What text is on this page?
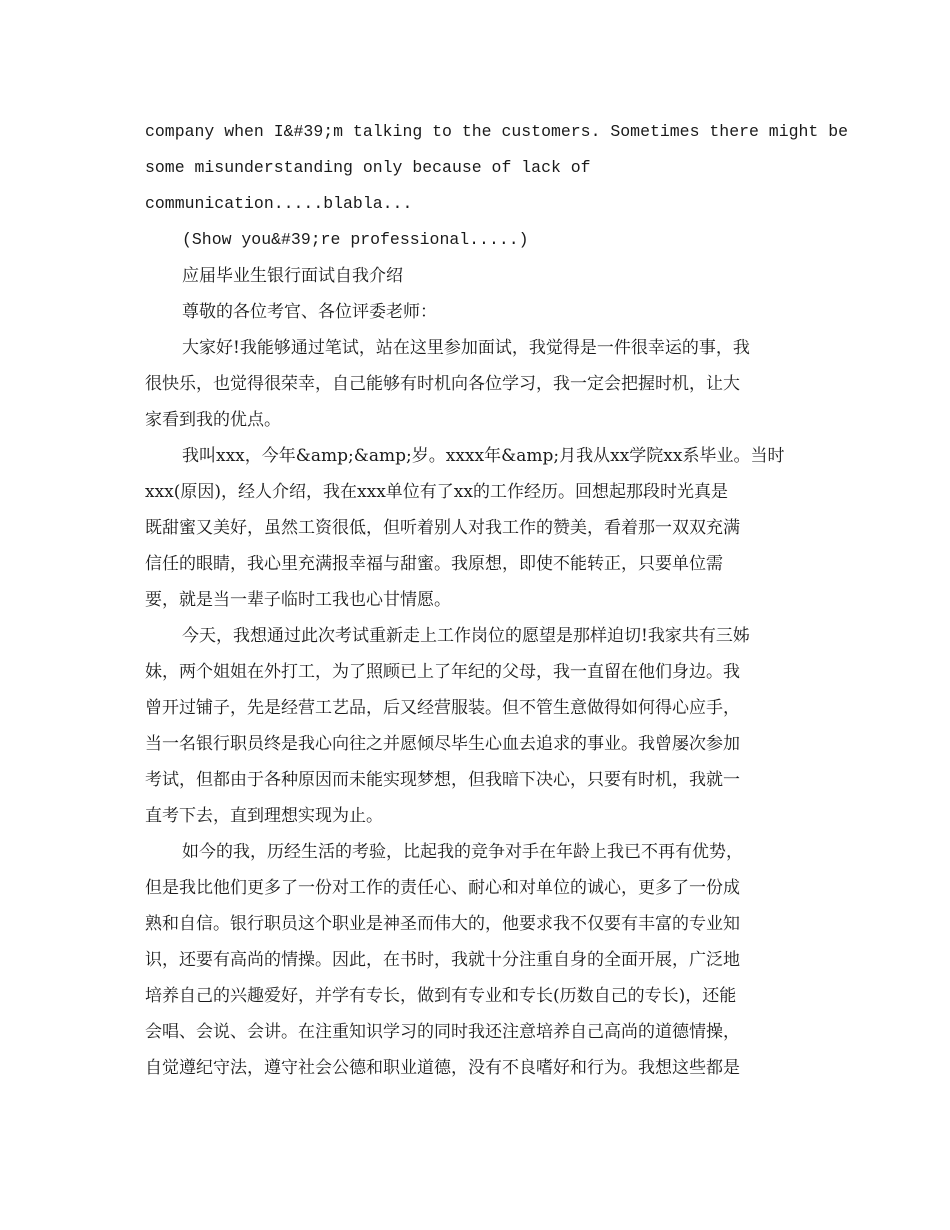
company when I&#39;m talking to the customers. Sometimes there might be
some misunderstanding only because of lack of
communication.....blabla...
(Show you&#39;re professional.....)
应届毕业生银行面试自我介绍
尊敬的各位考官、各位评委老师：
大家好!我能够通过笔试，站在这里参加面试，我觉得是一件很幸运的事，我
很快乐，也觉得很荣幸，自己能够有时机向各位学习，我一定会把握时机，让大
家看到我的优点。
我叫xxx，今年&amp;&amp;岁。xxxx年&amp;月我从xx学院xx系毕业。当时
xxx(原因)，经人介绍，我在xxx单位有了xx的工作经历。回想起那段时光真是
既甜蜜又美好，虽然工资很低，但听着别人对我工作的赞美，看着那一双双充满
信任的眼睛，我心里充满报幸福与甜蜜。我原想，即使不能转正，只要单位需
要，就是当一辈子临时工我也心甘情愿。
今天，我想通过此次考试重新走上工作岗位的愿望是那样迫切!我家共有三姊
妹，两个姐姐在外打工，为了照顾已上了年纪的父母，我一直留在他们身边。我
曾开过铺子，先是经营工艺品，后又经营服装。但不管生意做得如何得心应手，
当一名银行职员终是我心向往之并愿倾尽毕生心血去追求的事业。我曾屡次参加
考试，但都由于各种原因而未能实现梦想，但我暗下决心，只要有时机，我就一
直考下去，直到理想实现为止。
如今的我，历经生活的考验，比起我的竞争对手在年龄上我已不再有优势，
但是我比他们更多了一份对工作的责任心、耐心和对单位的诚心，更多了一份成
熟和自信。银行职员这个职业是神圣而伟大的，他要求我不仅要有丰富的专业知
识，还要有高尚的情操。因此，在书时，我就十分注重自身的全面开展，广泛地
培养自己的兴趣爱好，并学有专长，做到有专业和专长(历数自己的专长)，还能
会唱、会说、会讲。在注重知识学习的同时我还注意培养自己高尚的道德情操，
自觉遵纪守法，遵守社会公德和职业道德，没有不良嗜好和行为。我想这些都是
